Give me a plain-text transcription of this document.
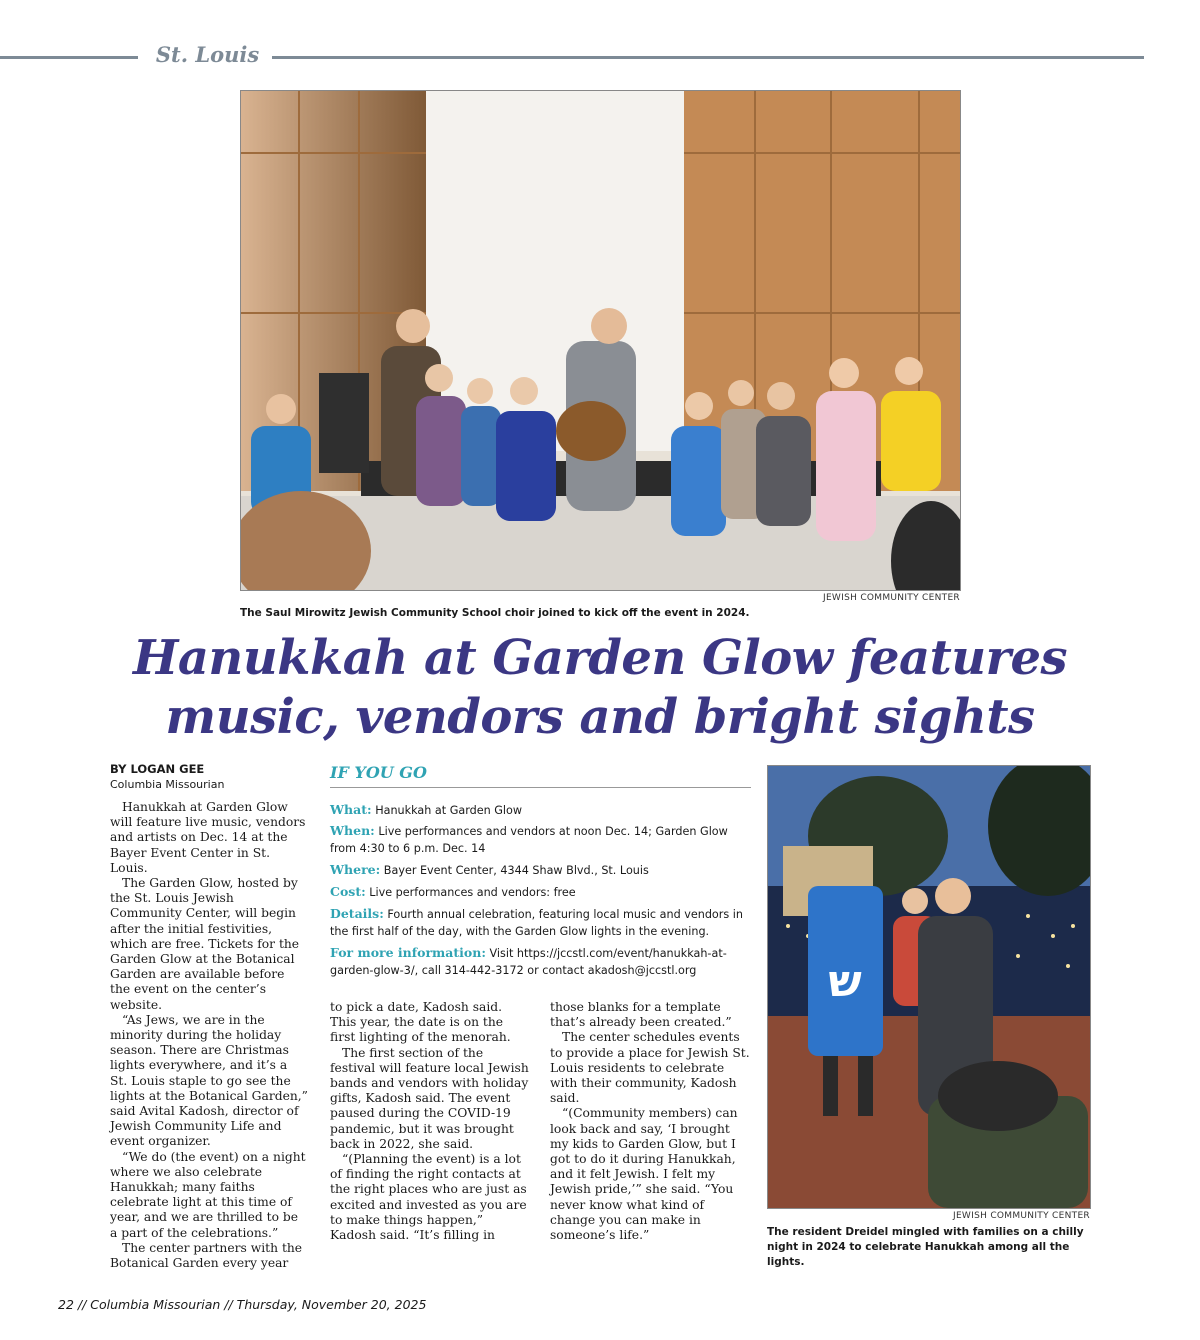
St. Louis
JEWISH COMMUNITY CENTER
The Saul Mirowitz Jewish Community School choir joined to kick off the event in 2024.
Hanukkah at Garden Glow features
music, vendors and bright sights
BY LOGAN GEE
Columbia Missourian

Hanukkah at Garden Glow will feature live music, vendors and artists on Dec. 14 at the Bayer Event Center in St. Louis.

The Garden Glow, hosted by the St. Louis Jewish Community Center, will begin after the initial festivities, which are free. Tickets for the Garden Glow at the Botanical Garden are available before the event on the center’s website.

“As Jews, we are in the minority during the holiday season. There are Christmas lights everywhere, and it’s a St. Louis staple to go see the lights at the Botanical Garden,” said Avital Kadosh, director of Jewish Community Life and event organizer.

“We do (the event) on a night where we also celebrate Hanukkah; many faiths celebrate light at this time of year, and we are thrilled to be a part of the celebrations.”

The center partners with the Botanical Garden every year

IF YOU GO
What: Hanukkah at Garden Glow
When: Live performances and vendors at noon Dec. 14; Garden Glow from 4:30 to 6 p.m. Dec. 14
Where: Bayer Event Center, 4344 Shaw Blvd., St. Louis
Cost: Live performances and vendors: free
Details: Fourth annual celebration, featuring local music and vendors in the first half of the day, with the Garden Glow lights in the evening.
For more information: Visit https://jccstl.com/event/hanukkah-at-garden-glow-3/, call 314-442-3172 or contact akadosh@jccstl.org

to pick a date, Kadosh said. This year, the date is on the first lighting of the menorah.

The first section of the festival will feature local Jewish bands and vendors with holiday gifts, Kadosh said. The event paused during the COVID-19 pandemic, but it was brought back in 2022, she said.

“(Planning the event) is a lot of finding the right contacts at the right places who are just as excited and invested as you are to make things happen,” Kadosh said. “It’s filling in

those blanks for a template that’s already been created.”

The center schedules events to provide a place for Jewish St. Louis residents to celebrate with their community, Kadosh said.

“(Community members) can look back and say, ‘I brought my kids to Garden Glow, but I got to do it during Hanukkah, and it felt Jewish. I felt my Jewish pride,’” she said. “You never know what kind of change you can make in someone’s life.”

ש
JEWISH COMMUNITY CENTER
The resident Dreidel mingled with families on a chilly night in 2024 to celebrate Hanukkah among all the lights.
22 // Columbia Missourian // Thursday, November 20, 2025
